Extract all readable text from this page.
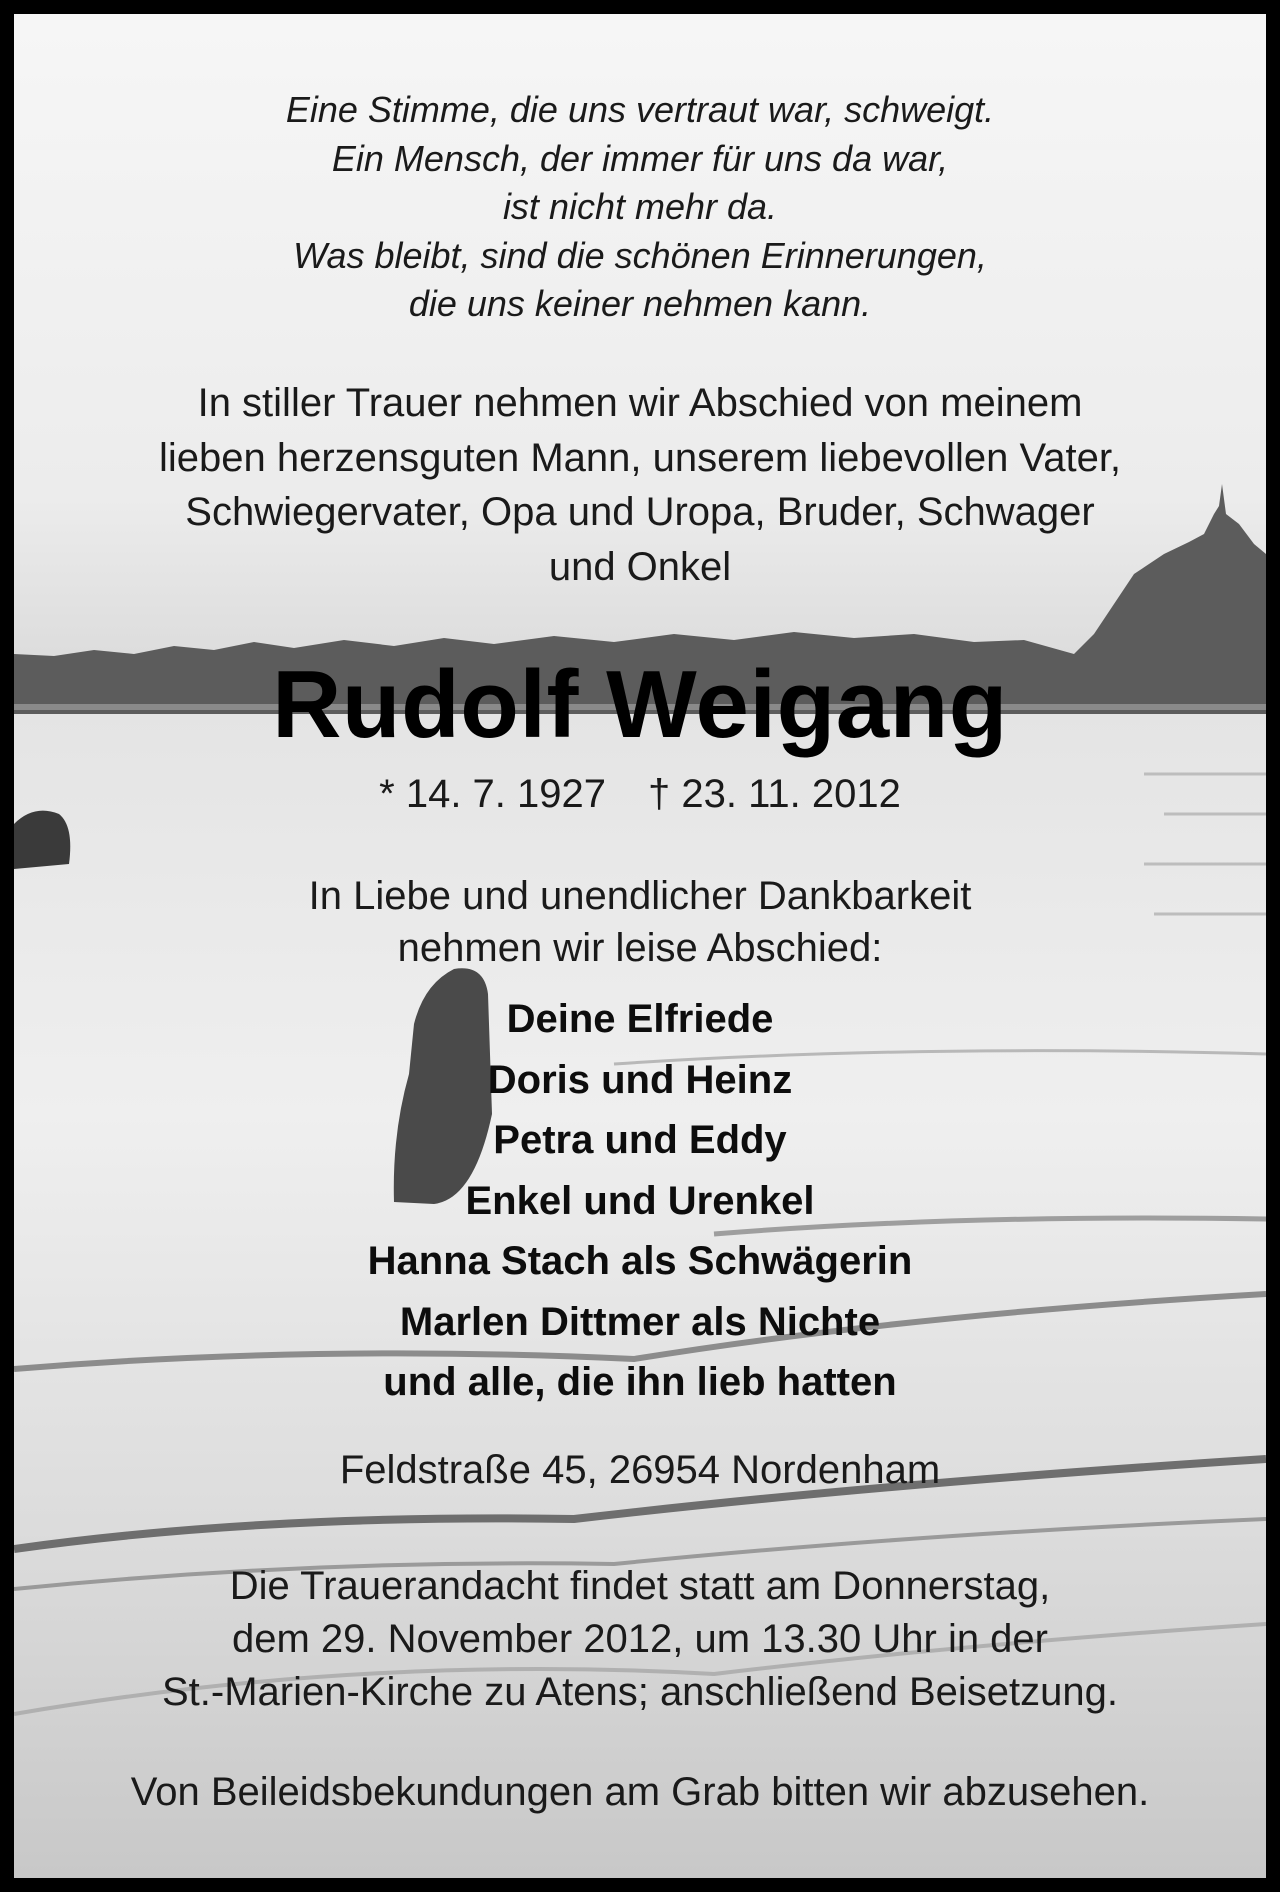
Eine Stimme, die uns vertraut war, schweigt.
Ein Mensch, der immer für uns da war,
ist nicht mehr da.
Was bleibt, sind die schönen Erinnerungen,
die uns keiner nehmen kann.
In stiller Trauer nehmen wir Abschied von meinem
lieben herzensguten Mann, unserem liebevollen Vater,
Schwiegervater, Opa und Uropa, Bruder, Schwager
und Onkel
Rudolf Weigang
* 14. 7. 1927 † 23. 11. 2012
In Liebe und unendlicher Dankbarkeit
nehmen wir leise Abschied:
Deine Elfriede
Doris und Heinz
Petra und Eddy
Enkel und Urenkel
Hanna Stach als Schwägerin
Marlen Dittmer als Nichte
und alle, die ihn lieb hatten
Feldstraße 45, 26954 Nordenham
Die Trauerandacht findet statt am Donnerstag,
dem 29. November 2012, um 13.30 Uhr in der
St.-Marien-Kirche zu Atens; anschließend Beisetzung.
Von Beileidsbekundungen am Grab bitten wir abzusehen.
